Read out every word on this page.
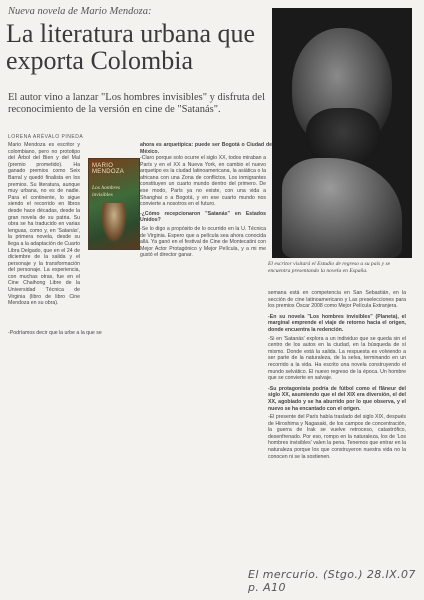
Nueva novela de Mario Mendoza:
La literatura urbana que exporta Colombia
El autor vino a lanzar "Los hombres invisibles" y disfruta del reconocimiento de la versión en cine de "Satanás".
LORENA ARÉVALO PINEDA
Mario Mendoza es escritor y colombiano, pero no prototipo del Árbol del Bien y del Mal (premio prometido). Ha ganado premios como Seix Barral y quedó finalista en los premios. Su literatura, aunque muy urbana, no es de nadie. Para el continente, lo sigue siendo el recorrido en libros desde hace décadas, desde la gran novela de su patria. Su obra se ha traducido en varias lenguas, como y, en 'Satanás', la primera novela, desde su llega a la adaptación de Cuarto Libra Delgado, que en el 24 de diciembre de la salida y el personaje y la transformación del personaje. La experiencia, con muchas otras, fue en el Cine Chaihong Libre de la Universidad Técnica de Virginia (libro de libro Cine Mendoza en su obra).
MARIO MENDOZA
Los hombres invisibles
ahora es arquetípica: puede ser Bogotá o Ciudad de México.
-Claro porque solo ocurre el siglo XX, todos miraban a París y en el XX a Nueva York, en cambio el nuevo arquetipo es la ciudad latinoamericana, la asiática o la africana con una Zona de conflictos. Los inmigrantes constituyen un cuarto mundo dentro del primero. De ese modo, París ya no existe, con una vida a Shanghai o a Bogotá, y en ese cuarto mundo nos convierte a nosotros en el futuro.
-¿Cómo recepcionaron "Satanás" en Estados Unidos?
-Se lo digo a propósito de lo ocurrido en la U. Técnica de Virginia. Espero que a película sea ahora conocida allá. Ya ganó en el festival de Cine de Montecatini con Mejor Actor Protagónico y Mejor Película, y a mi me gustó el director ganar.
-Podríamos decir que la urbe a la que se
El escritor visitará el Estudio de regreso a su país y se encuentra presentando la novela en España.
semana está en competencia en San Sebastián, en la sección de cine latinoamericano y Las preselecciones para los premios Óscar 2008 como Mejor Película Extranjera.
-En su novela "Los hombres invisibles" (Planeta), el marginal emprende el viaje de retorno hacia el origen, donde encuentra la redención.
-Si en 'Satanás' explora a un individuo que se queda sin el centro de los autos en la ciudad, en la búsqueda de sí mismo. Donde está la salida. La respuesta es volviendo a ser parte de la naturaleza, de la selva, terminando en un recorrido a la vida. Ha escrito una novela construyendo el mundo selvático. El nuevo regreso de la época. Un hombre que se convierte en salvaje.
-Su protagonista podría de fútbol como el flâneur del siglo XX, asumiendo que el del XIX era diversión, el del XX, agobiado y se ha aburrido por lo que observa, y el nuevo se ha encantado con el origen.
-El presente del París había traslado del siglo XIX, después de Hiroshima y Nagasaki, de los campos de concentración, la guerra de Irak se vuelve retroceso, catastrófico, desenfrenado. Por eso, rompo en la naturaleza, los de 'Los hombres invisibles' valen la pena. Tenemos que entrar en la naturaleza porque los que construyeron nuestra vida no la conocen ni se la sostienen.
El mercurio. (Stgo.) 28.IX.07 p. A10
